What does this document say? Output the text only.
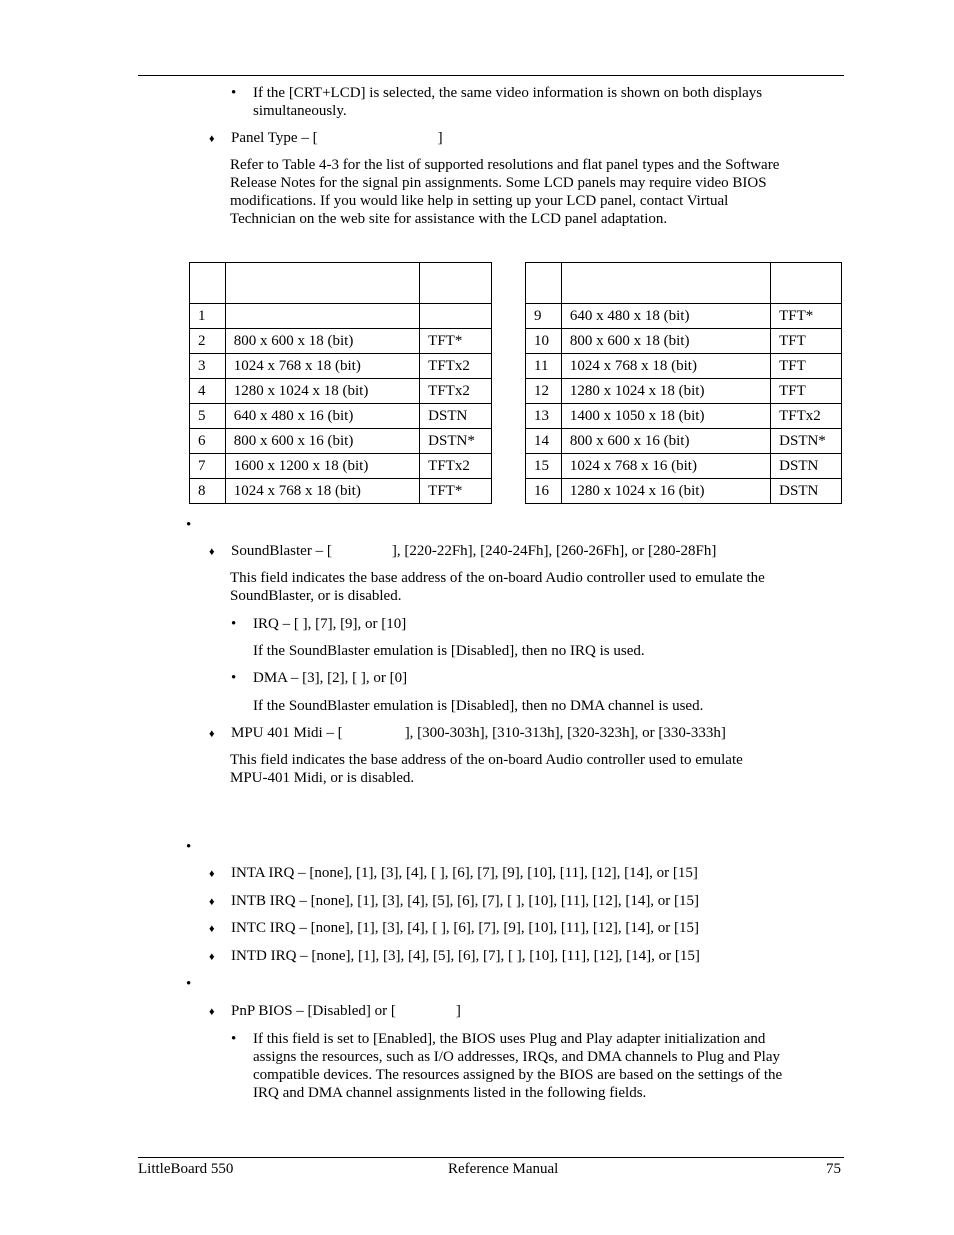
• If the [CRT+LCD] is selected, the same video information is shown on both displays
simultaneously.
♦ Panel Type – [	]
Refer to Table 4-3 for the list of supported resolutions and flat panel types and the Software
Release Notes for the signal pin assignments. Some LCD panels may require video BIOS
modifications. If you would like help in setting up your LCD panel, contact Virtual
Technician on the web site for assistance with the LCD panel adaptation.

1		
2	800 x 600 x 18 (bit)	TFT*
3	1024 x 768 x 18 (bit)	TFTx2
4	1280 x 1024 x 18 (bit)	TFTx2
5	640 x 480 x 16 (bit)	DSTN
6	800 x 600 x 16 (bit)	DSTN*
7	1600 x 1200 x 18 (bit)	TFTx2
8	1024 x 768 x 18 (bit)	TFT*

9	640 x 480 x 18 (bit)	TFT*
10	800 x 600 x 18 (bit)	TFT
11	1024 x 768 x 18 (bit)	TFT
12	1280 x 1024 x 18 (bit)	TFT
13	1400 x 1050 x 18 (bit)	TFTx2
14	800 x 600 x 16 (bit)	DSTN*
15	1024 x 768 x 16 (bit)	DSTN
16	1280 x 1024 x 16 (bit)	DSTN
•
♦ SoundBlaster – [	], [220-22Fh], [240-24Fh], [260-26Fh], or [280-28Fh]
This field indicates the base address of the on-board Audio controller used to emulate the
SoundBlaster, or is disabled.
• IRQ – [ ], [7], [9], or [10]
If the SoundBlaster emulation is [Disabled], then no IRQ is used.
• DMA – [3], [2], [ ], or [0]
If the SoundBlaster emulation is [Disabled], then no DMA channel is used.
♦ MPU 401 Midi – [	], [300-303h], [310-313h], [320-323h], or [330-333h]
This field indicates the base address of the on-board Audio controller used to emulate
MPU-401 Midi, or is disabled.
•
♦ INTA IRQ – [none], [1], [3], [4], [ ], [6], [7], [9], [10], [11], [12], [14], or [15]
♦ INTB IRQ – [none], [1], [3], [4], [5], [6], [7], [ ], [10], [11], [12], [14], or [15]
♦ INTC IRQ – [none], [1], [3], [4], [ ], [6], [7], [9], [10], [11], [12], [14], or [15]
♦ INTD IRQ – [none], [1], [3], [4], [5], [6], [7], [ ], [10], [11], [12], [14], or [15]
•
♦ PnP BIOS – [Disabled] or [	]
• If this field is set to [Enabled], the BIOS uses Plug and Play adapter initialization and
assigns the resources, such as I/O addresses, IRQs, and DMA channels to Plug and Play
compatible devices. The resources assigned by the BIOS are based on the settings of the
IRQ and DMA channel assignments listed in the following fields.
LittleBoard 550	Reference Manual	75
